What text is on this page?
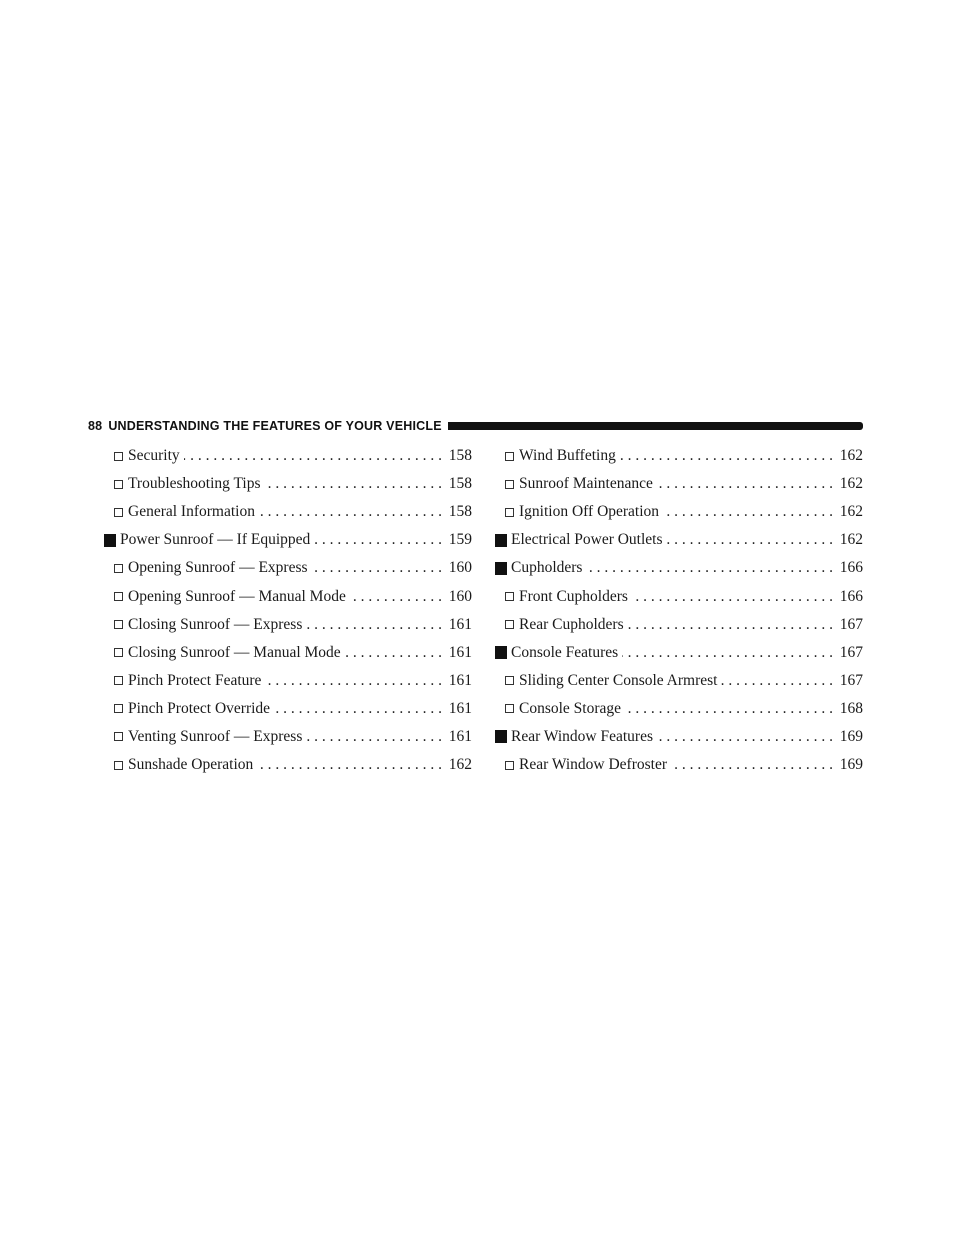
88 UNDERSTANDING THE FEATURES OF YOUR VEHICLE
Security . . .	158
Troubleshooting Tips . . .	158
General Information . . .	158
Power Sunroof — If Equipped . . .	159
Opening Sunroof — Express . . .	160
Opening Sunroof — Manual Mode . . .	160
Closing Sunroof — Express . . .	161
Closing Sunroof — Manual Mode . . .	161
Pinch Protect Feature . . .	161
Pinch Protect Override . . .	161
Venting Sunroof — Express . . .	161
Sunshade Operation . . .	162
Wind Buffeting . . .	162
Sunroof Maintenance . . .	162
Ignition Off Operation . . .	162
Electrical Power Outlets . . .	162
Cupholders . . .	166
Front Cupholders . . .	166
Rear Cupholders . . .	167
Console Features . . .	167
Sliding Center Console Armrest . . .	167
Console Storage . . .	168
Rear Window Features . . .	169
Rear Window Defroster . . .	169
